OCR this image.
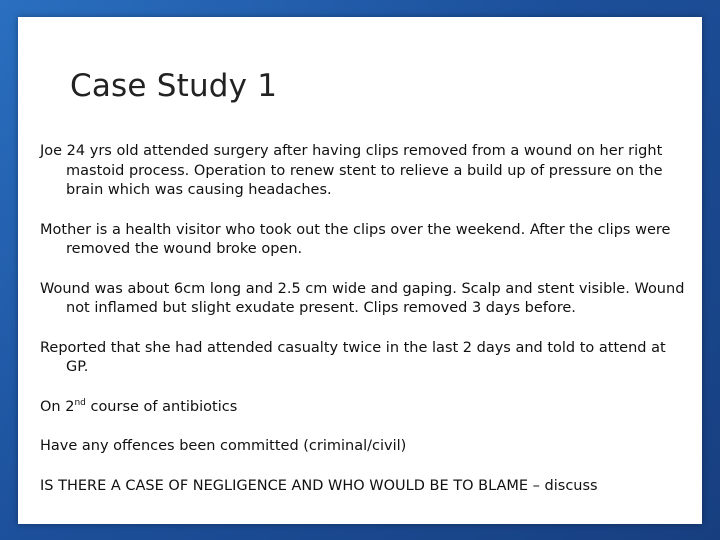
Case Study 1

Joe 24 yrs old attended surgery after having clips removed from a wound on her right mastoid process. Operation to renew stent to relieve a build up of pressure on the brain which was causing headaches.

Mother is a health visitor who took out the clips over the weekend. After the clips were removed the wound broke open.

Wound was about 6cm long and 2.5 cm wide and gaping. Scalp and stent visible. Wound not inflamed but slight exudate present. Clips removed 3 days before.

Reported that she had attended casualty twice in the last 2 days and told to attend at GP.

On 2nd course of antibiotics

Have any offences been committed (criminal/civil)

IS THERE A CASE OF NEGLIGENCE AND WHO WOULD BE TO BLAME – discuss
